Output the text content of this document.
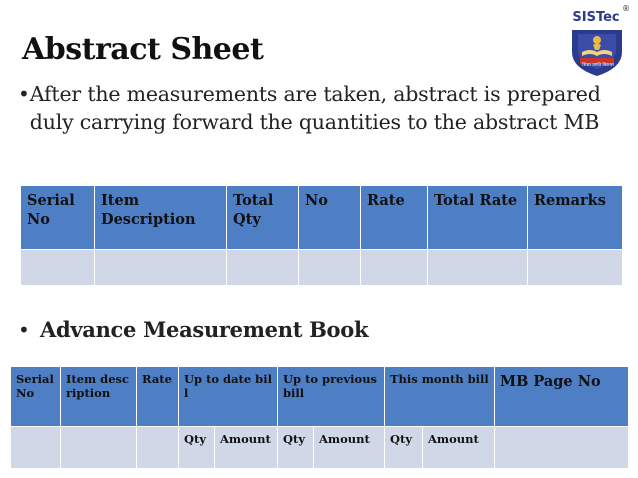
Abstract Sheet
SISTec
®
शिक्षा प्रगति विकास
• After the measurements are taken, abstract is prepared duly carrying forward the quantities to the abstract MB
Serial No	Item Description	Total Qty	No	Rate	Total Rate	Remarks

• Advance Measurement Book
Serial No	Item description	Rate	Up to date bill		Up to previous bill		This month bill		MB Page No
			Qty	Amount	Qty	Amount	Qty	Amount	
